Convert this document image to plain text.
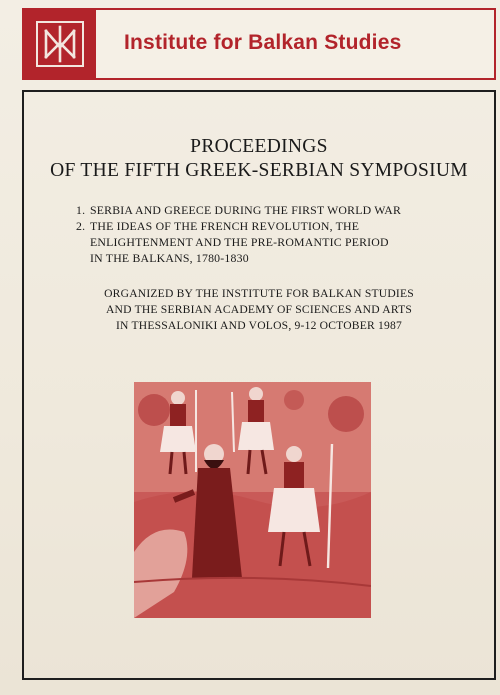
Institute for Balkan Studies
PROCEEDINGS
OF THE FIFTH GREEK-SERBIAN SYMPOSIUM
1. SERBIA AND GREECE DURING THE FIRST WORLD WAR
2. THE IDEAS OF THE FRENCH REVOLUTION, THE
ENLIGHTENMENT AND THE PRE-ROMANTIC PERIOD
IN THE BALKANS, 1780-1830
ORGANIZED BY THE INSTITUTE FOR BALKAN STUDIES
AND THE SERBIAN ACADEMY OF SCIENCES AND ARTS
IN THESSALONIKI AND VOLOS, 9-12 OCTOBER 1987
